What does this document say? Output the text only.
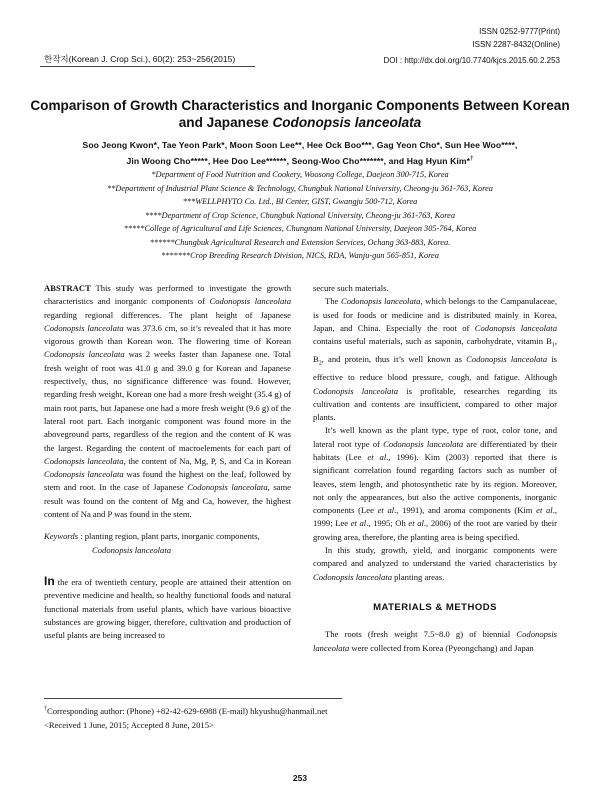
한작지(Korean J. Crop Sci.), 60(2): 253~256(2015)
ISSN 0252-9777(Print)
ISSN 2287-8432(Online)
DOI : http://dx.doi.org/10.7740/kjcs.2015.60.2.253
Comparison of Growth Characteristics and Inorganic Components Between Korean
and Japanese Codonopsis lanceolata
Soo Jeong Kwon*, Tae Yeon Park*, Moon Soon Lee**, Hee Ock Boo***, Gag Yeon Cho*, Sun Hee Woo****,
Jin Woong Cho*****, Hee Doo Lee******, Seong-Woo Cho*******, and Hag Hyun Kim*†
*Department of Food Nutrition and Cookery, Woosong College, Daejeon 300-715, Korea
**Department of Industrial Plant Science & Technology, Chungbuk National University, Cheong-ju 361-763, Korea
***WELLPHYTO Co. Ltd., BI Center, GIST, Gwangju 500-712, Korea
****Department of Crop Science, Chungbuk National University, Cheong-ju 361-763, Korea
*****College of Agricultural and Life Sciences, Chungnam National University, Daejeon 305-764, Korea
******Chungbuk Agricultural Research and Extension Services, Ochang 363-883, Korea.
*******Crop Breeding Research Division, NICS, RDA, Wanju-gun 565-851, Korea

ABSTRACT This study was performed to investigate the growth characteristics and inorganic components of Codonopsis lanceolata regarding regional differences. The plant height of Japanese Codonopsis lanceolata was 373.6 cm, so it’s revealed that it has more vigorous growth than Korean won. The flowering time of Korean Codonopsis lanceolata was 2 weeks faster than Japanese one. Total fresh weight of root was 41.0 g and 39.0 g for Korean and Japanese respectively, thus, no significance difference was found. However, regarding fresh weight, Korean one had a more fresh weight (35.4 g) of main root parts, but Japanese one had a more fresh weight (9.6 g) of the lateral root part. Each inorganic component was found more in the aboveground parts, regardless of the region and the content of K was the largest. Regarding the content of macroelements for each part of Codonopsis lanceolata, the content of Na, Mg, P, S, and Ca in Korean Codonopsis lanceolata was found the highest on the leaf, followed by stem and root. In the case of Japanese Codonopsis lanceolata, same result was found on the content of Mg and Ca, however, the highest content of Na and P was found in the stem.

Keywords : planting region, plant parts, inorganic components,

Codonopsis lanceolata

In the era of twentieth century, people are attained their attention on preventive medicine and health, so healthy functional foods and natural functional materials from useful plants, which have various bioactive substances are growing bigger, therefore, cultivation and production of useful plants are being increased to

secure such materials.

The Codonopsis lanceolata, which belongs to the Campanulaceae, is used for foods or medicine and is distributed mainly in Korea, Japan, and China. Especially the root of Codonopsis lanceolata contains useful materials, such as saponin, carbohydrate, vitamin $B_1$, $B_2$, and protein, thus it’s well known as Codonopsis lanceolata is effective to reduce blood pressure, cough, and fatigue. Although Codonopsis lanceolata is profitable, researches regarding its cultivation and contents are insufficient, compared to other major plants.

It’s well known as the plant type, type of root, color tone, and lateral root type of Codonopsis lanceolata are differentiated by their habitats (Lee et al., 1996). Kim (2003) reported that there is significant correlation found regarding factors such as number of leaves, stem length, and photosynthetic rate by its region. Moreover, not only the appearances, but also the active components, inorganic components (Lee et al., 1991), and aroma components (Kim et al., 1999; Lee et al., 1995; Oh et al., 2006) of the root are varied by their growing area, therefore, the planting area is being specified.

In this study, growth, yield, and inorganic components were compared and analyzed to understand the varied characteristics by Codonopsis lanceolata planting areas.

MATERIALS & METHODS

The roots (fresh weight 7.5~8.0 g) of biennial Codonopsis lanceolata were collected from Korea (Pyeongchang) and Japan

†Corresponding author: (Phone) +82-42-629-6988 (E-mail) hkyushu@hanmail.net
<Received 1 June, 2015; Accepted 8 June, 2015>
253
